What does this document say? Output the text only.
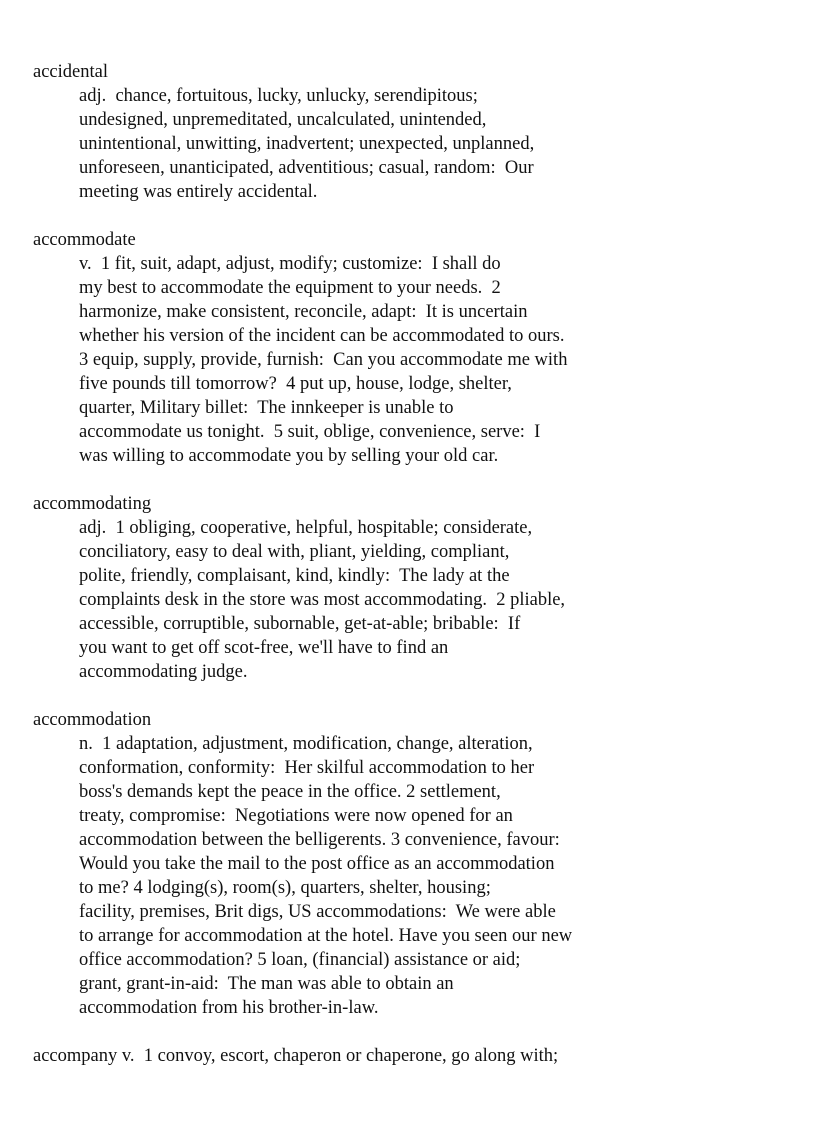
accidental
adj.  chance, fortuitous, lucky, unlucky, serendipitous;
undesigned, unpremeditated, uncalculated, unintended,
unintentional, unwitting, inadvertent; unexpected, unplanned,
unforeseen, unanticipated, adventitious; casual, random:  Our
meeting was entirely accidental.
accommodate
v.  1 fit, suit, adapt, adjust, modify; customize:  I shall do
my best to accommodate the equipment to your needs.  2
harmonize, make consistent, reconcile, adapt:  It is uncertain
whether his version of the incident can be accommodated to ours.
3 equip, supply, provide, furnish:  Can you accommodate me with
five pounds till tomorrow?  4 put up, house, lodge, shelter,
quarter, Military billet:  The innkeeper is unable to
accommodate us tonight.  5 suit, oblige, convenience, serve:  I
was willing to accommodate you by selling your old car.
accommodating
adj.  1 obliging, cooperative, helpful, hospitable; considerate,
conciliatory, easy to deal with, pliant, yielding, compliant,
polite, friendly, complaisant, kind, kindly:  The lady at the
complaints desk in the store was most accommodating.  2 pliable,
accessible, corruptible, subornable, get-at-able; bribable:  If
you want to get off scot-free, we'll have to find an
accommodating judge.
accommodation
n.  1 adaptation, adjustment, modification, change, alteration,
conformation, conformity:  Her skilful accommodation to her
boss's demands kept the peace in the office. 2 settlement,
treaty, compromise:  Negotiations were now opened for an
accommodation between the belligerents. 3 convenience, favour:
Would you take the mail to the post office as an accommodation
to me? 4 lodging(s), room(s), quarters, shelter, housing;
facility, premises, Brit digs, US accommodations:  We were able
to arrange for accommodation at the hotel. Have you seen our new
office accommodation? 5 loan, (financial) assistance or aid;
grant, grant-in-aid:  The man was able to obtain an
accommodation from his brother-in-law.
accompany v.  1 convoy, escort, chaperon or chaperone, go along with;
